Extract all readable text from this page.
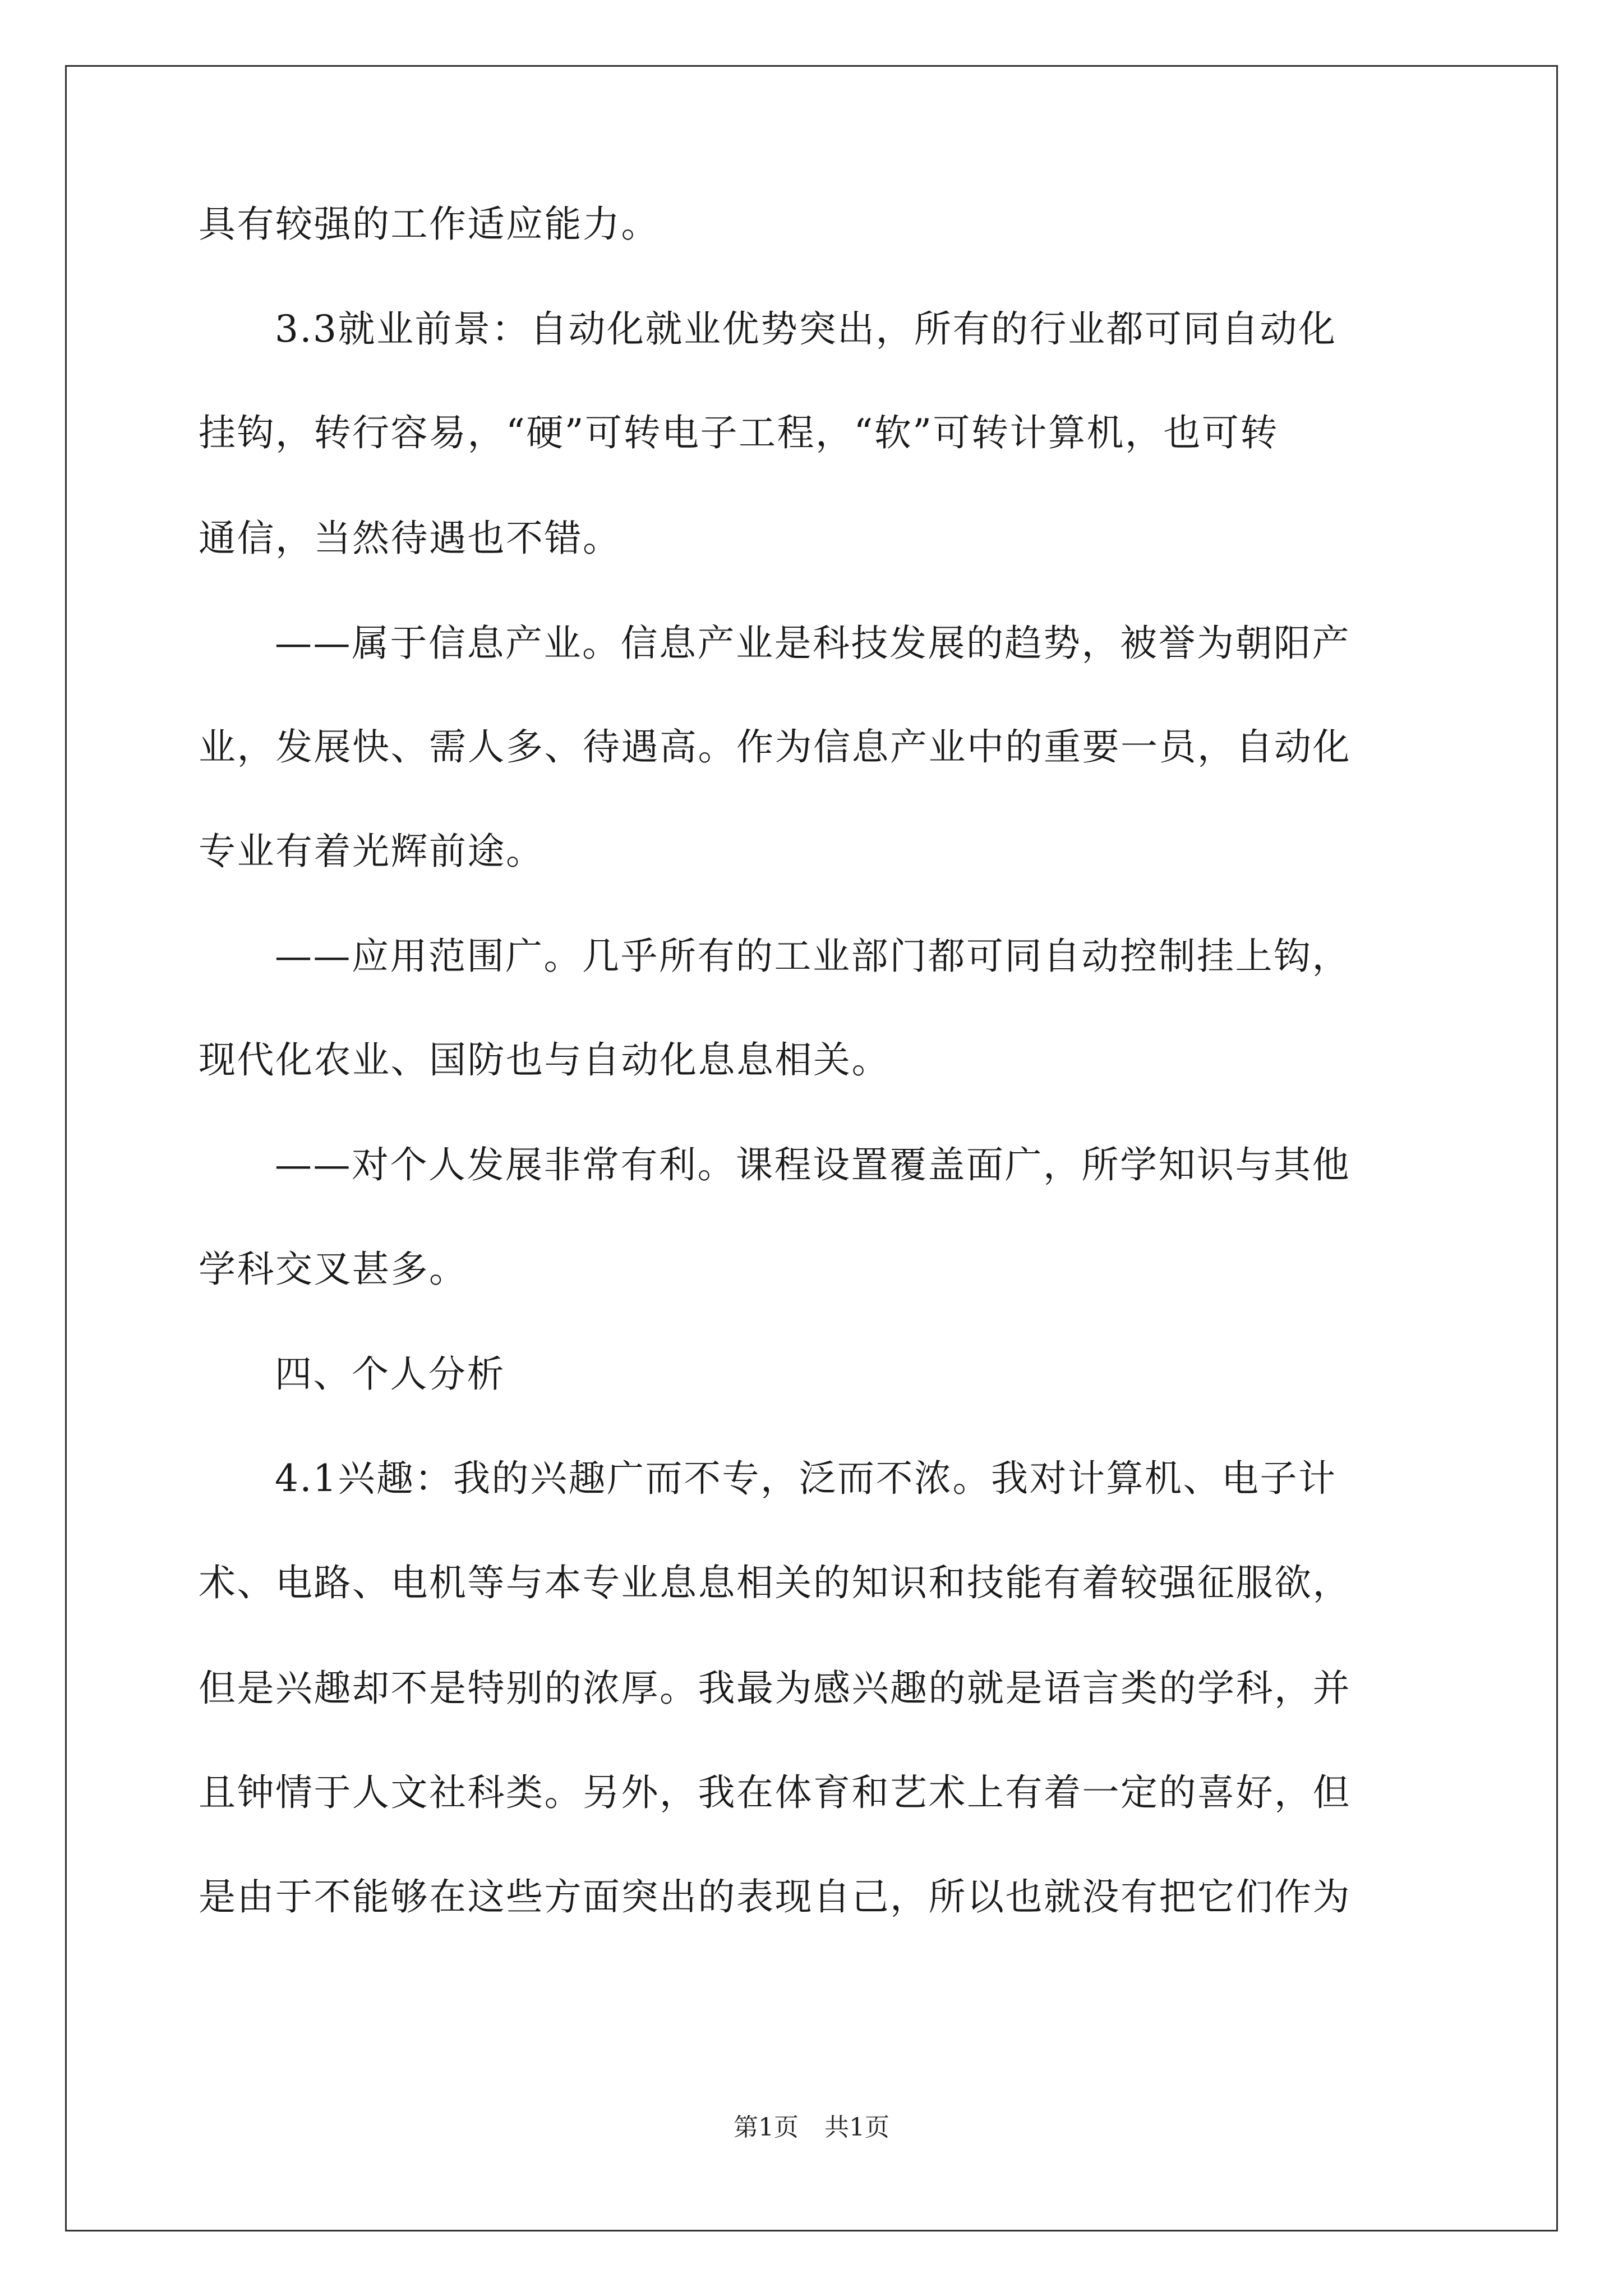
具有较强的工作适应能力。
3.3就业前景：自动化就业优势突出，所有的行业都可同自动化
挂钩，转行容易，“硬”可转电子工程，“软”可转计算机，也可转
通信，当然待遇也不错。
——属于信息产业。信息产业是科技发展的趋势，被誉为朝阳产
业，发展快、需人多、待遇高。作为信息产业中的重要一员，自动化
专业有着光辉前途。
——应用范围广。几乎所有的工业部门都可同自动控制挂上钩，
现代化农业、国防也与自动化息息相关。
——对个人发展非常有利。课程设置覆盖面广，所学知识与其他
学科交叉甚多。
四、个人分析
4.1兴趣：我的兴趣广而不专，泛而不浓。我对计算机、电子计
术、电路、电机等与本专业息息相关的知识和技能有着较强征服欲，
但是兴趣却不是特别的浓厚。我最为感兴趣的就是语言类的学科，并
且钟情于人文社科类。另外，我在体育和艺术上有着一定的喜好，但
是由于不能够在这些方面突出的表现自己，所以也就没有把它们作为
第1页 共1页
